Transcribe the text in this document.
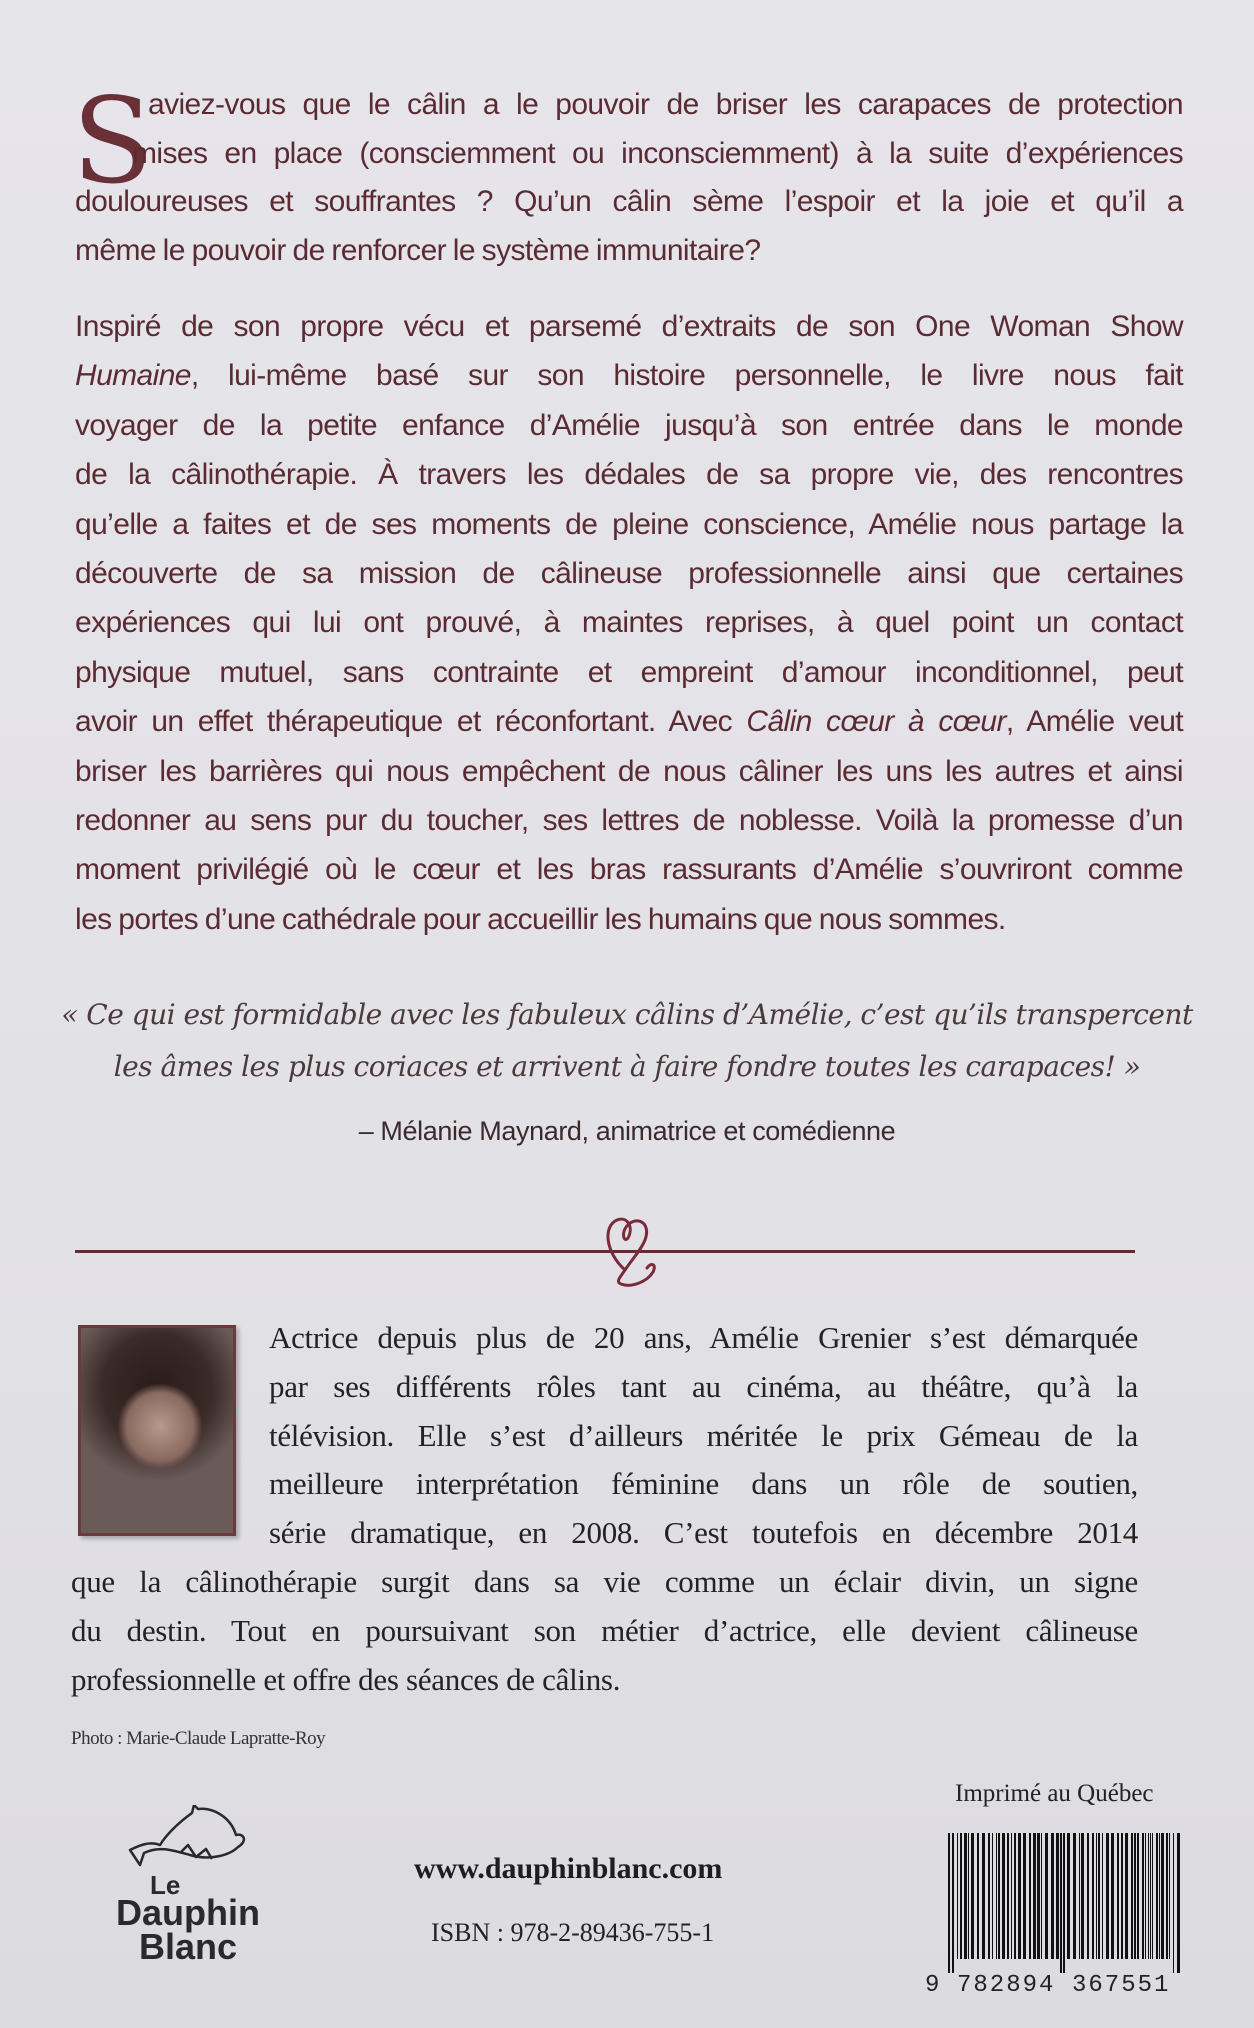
S
aviez-vous que le câlin a le pouvoir de briser les carapaces de protection
mises en place (consciemment ou inconsciemment) à la suite d’expériences
douloureuses et souffrantes ? Qu’un câlin sème l’espoir et la joie et qu’il a
même le pouvoir de renforcer le système immunitaire?
Inspiré de son propre vécu et parsemé d’extraits de son One Woman Show
Humaine, lui-même basé sur son histoire personnelle, le livre nous fait
voyager de la petite enfance d’Amélie jusqu’à son entrée dans le monde
de la câlinothérapie. À travers les dédales de sa propre vie, des rencontres
qu’elle a faites et de ses moments de pleine conscience, Amélie nous partage la
découverte de sa mission de câlineuse professionnelle ainsi que certaines
expériences qui lui ont prouvé, à maintes reprises, à quel point un contact
physique mutuel, sans contrainte et empreint d’amour inconditionnel, peut
avoir un effet thérapeutique et réconfortant. Avec Câlin cœur à cœur, Amélie veut
briser les barrières qui nous empêchent de nous câliner les uns les autres et ainsi
redonner au sens pur du toucher, ses lettres de noblesse. Voilà la promesse d’un
moment privilégié où le cœur et les bras rassurants d’Amélie s’ouvriront comme
les portes d’une cathédrale pour accueillir les humains que nous sommes.
« Ce qui est formidable avec les fabuleux câlins d’Amélie, c’est qu’ils transpercent
les âmes les plus coriaces et arrivent à faire fondre toutes les carapaces! »
– Mélanie Maynard, animatrice et comédienne
Actrice depuis plus de 20 ans, Amélie Grenier s’est démarquée
par ses différents rôles tant au cinéma, au théâtre, qu’à la
télévision. Elle s’est d’ailleurs méritée le prix Gémeau de la
meilleure interprétation féminine dans un rôle de soutien,
série dramatique, en 2008. C’est toutefois en décembre 2014
que la câlinothérapie surgit dans sa vie comme un éclair divin, un signe
du destin. Tout en poursuivant son métier d’actrice, elle devient câlineuse
professionnelle et offre des séances de câlins.
Photo : Marie-Claude Lapratte-Roy
Le
Dauphin
Blanc
www.dauphinblanc.com
ISBN : 978-2-89436-755-1
Imprimé au Québec
9 782894 367551
